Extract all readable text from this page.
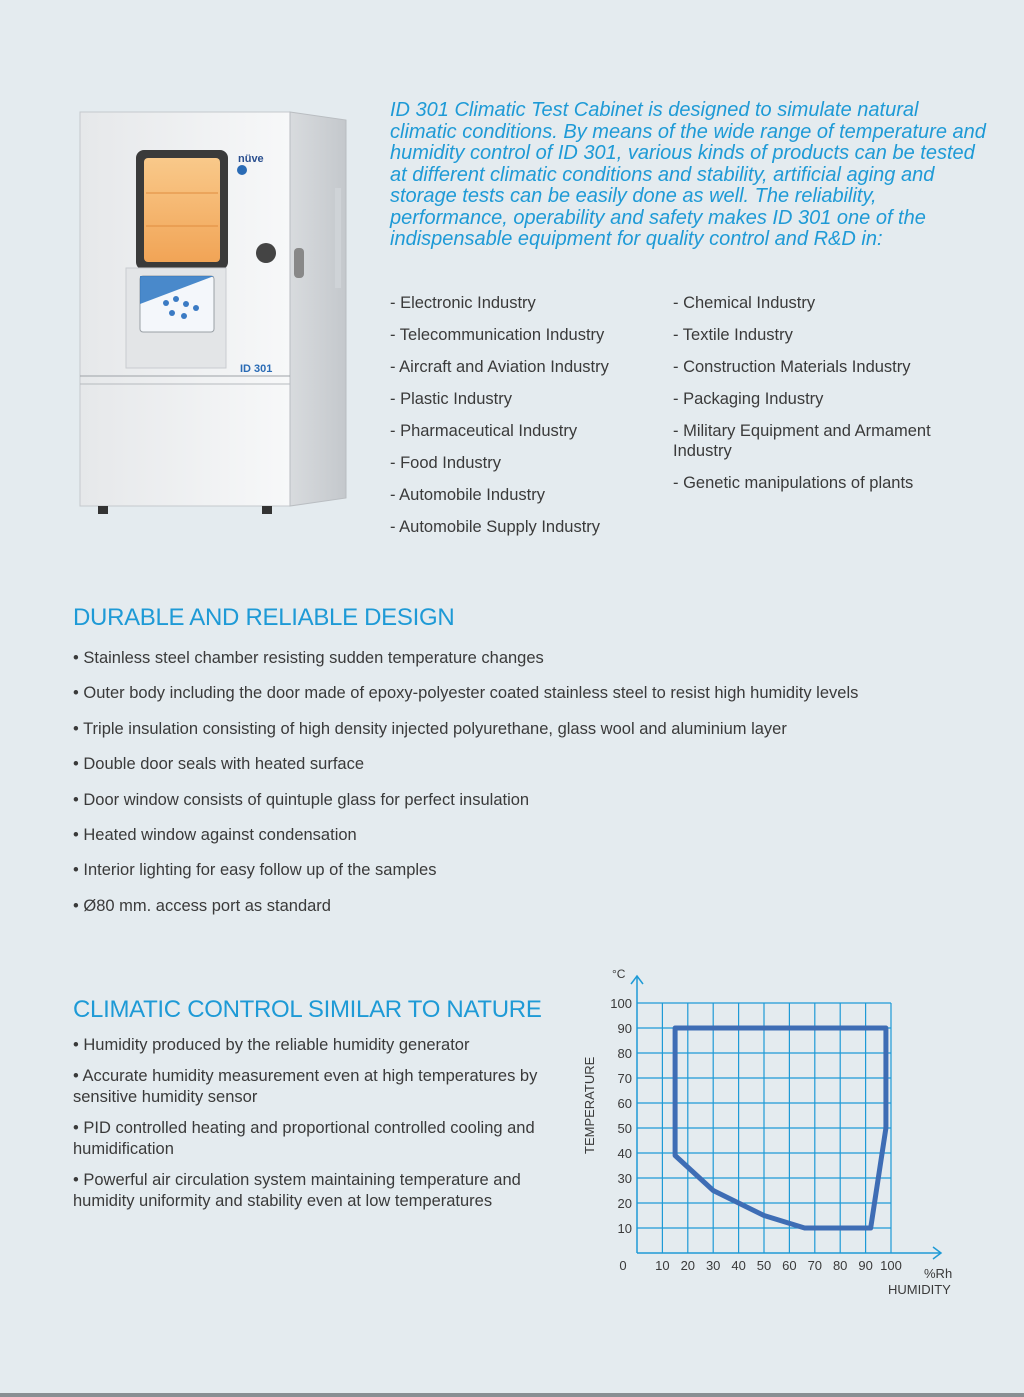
nüve
ID 301

ID 301 Climatic Test Cabinet is designed to simulate natural climatic conditions. By means of the wide range of temperature and humidity control of ID 301, various kinds of products can be tested at different climatic conditions and stability, artificial aging and storage tests can be easily done as well. The reliability, performance, operability and safety makes ID 301 one of the indispensable equipment for quality control and R&D in:

- Electronic Industry
- Telecommunication Industry
- Aircraft and Aviation Industry
- Plastic Industry
- Pharmaceutical Industry
- Food Industry
- Automobile Industry
- Automobile Supply Industry
- Chemical Industry
- Textile Industry
- Construction Materials Industry
- Packaging Industry
- Military Equipment and Armament Industry
- Genetic manipulations of plants
DURABLE AND RELIABLE DESIGN
• Stainless steel chamber resisting sudden temperature changes
• Outer body including the door made of epoxy-polyester coated stainless steel to resist high humidity levels
• Triple insulation consisting of high density injected polyurethane, glass wool and aluminium layer
• Double door seals with heated surface
• Door window consists of quintuple glass for perfect insulation
• Heated window against condensation
• Interior lighting for easy follow up of the samples
• Ø80 mm. access port as standard
CLIMATIC CONTROL SIMILAR TO NATURE
• Humidity produced by the reliable humidity generator
• Accurate humidity measurement even at high temperatures by sensitive humidity sensor
• PID controlled heating and proportional controlled cooling and humidification
• Powerful air circulation system maintaining temperature and humidity uniformity and stability even at low temperatures
0 10 20 30 40 50 60 70 80 90 100
10
20
30
40
50
60
70
80
90
100
°C
%Rh
HUMIDITY
TEMPERATURE
